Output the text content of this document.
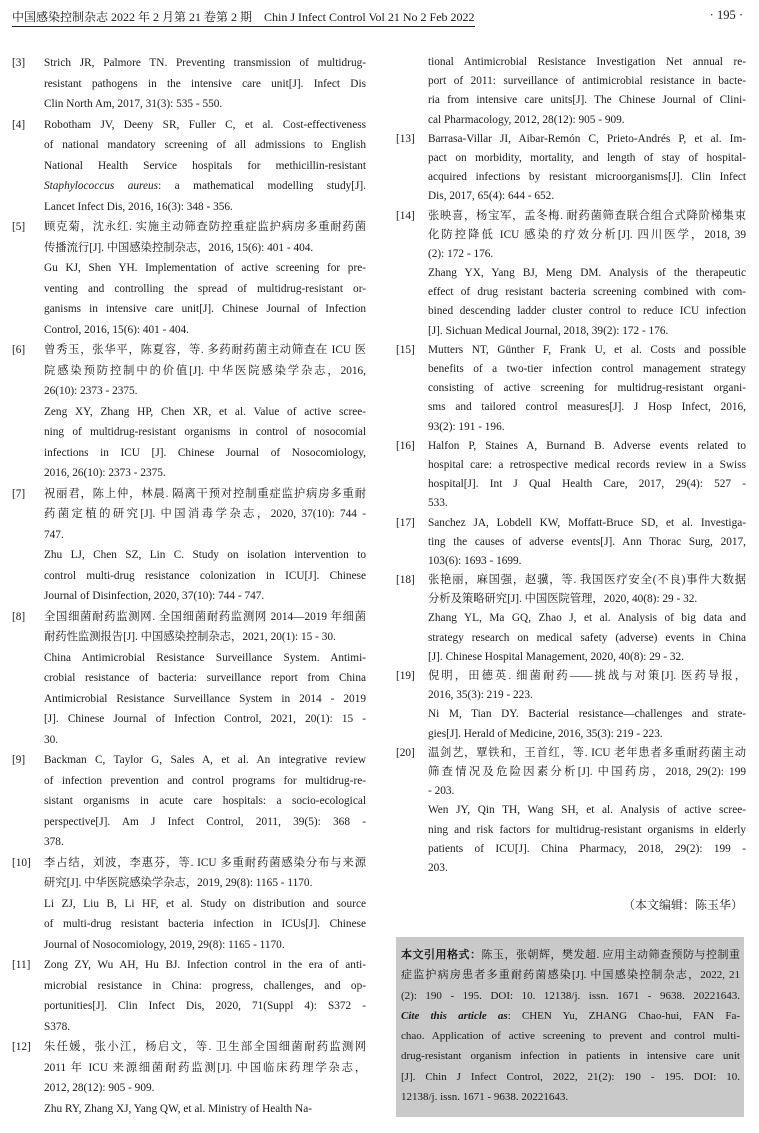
中国感染控制杂志 2022 年 2 月第 21 卷第 2 期　Chin J Infect Control Vol 21 No 2 Feb 2022	· 195 ·
[3] Strich JR, Palmore TN. Preventing transmission of multidrug-
resistant pathogens in the intensive care unit[J]. Infect Dis
Clin North Am, 2017, 31(3): 535 - 550.
[4] Robotham JV, Deeny SR, Fuller C, et al. Cost-effectiveness
of national mandatory screening of all admissions to English
National Health Service hospitals for methicillin-resistant
Staphylococcus aureus: a mathematical modelling study[J].
Lancet Infect Dis, 2016, 16(3): 348 - 356.
[5] 顾克菊，沈永红. 实施主动筛查防控重症监护病房多重耐药菌
传播流行[J]. 中国感染控制杂志，2016, 15(6): 401 - 404.
Gu KJ, Shen YH. Implementation of active screening for pre-
venting and controlling the spread of multidrug-resistant or-
ganisms in intensive care unit[J]. Chinese Journal of Infection
Control, 2016, 15(6): 401 - 404.
[6] 曾秀玉，张华平，陈夏容，等. 多药耐药菌主动筛查在 ICU 医
院感染预防控制中的价值[J]. 中华医院感染学杂志，2016,
26(10): 2373 - 2375.
Zeng XY, Zhang HP, Chen XR, et al. Value of active scree-
ning of multidrug-resistant organisms in control of nosocomial
infections in ICU [J]. Chinese Journal of Nosocomiology,
2016, 26(10): 2373 - 2375.
[7] 祝丽君，陈上仲，林晨. 隔离干预对控制重症监护病房多重耐
药菌定植的研究[J]. 中国消毒学杂志，2020, 37(10): 744 -
747.
Zhu LJ, Chen SZ, Lin C. Study on isolation intervention to
control multi-drug resistance colonization in ICU[J]. Chinese
Journal of Disinfection, 2020, 37(10): 744 - 747.
[8] 全国细菌耐药监测网. 全国细菌耐药监测网 2014—2019 年细菌
耐药性监测报告[J]. 中国感染控制杂志，2021, 20(1): 15 - 30.
China Antimicrobial Resistance Surveillance System. Antimi-
crobial resistance of bacteria: surveillance report from China
Antimicrobial Resistance Surveillance System in 2014 - 2019
[J]. Chinese Journal of Infection Control, 2021, 20(1): 15 -
30.
[9] Backman C, Taylor G, Sales A, et al. An integrative review
of infection prevention and control programs for multidrug-re-
sistant organisms in acute care hospitals: a socio-ecological
perspective[J]. Am J Infect Control, 2011, 39(5): 368 -
378.
[10] 李占结，刘波，李惠芬，等. ICU 多重耐药菌感染分布与来源
研究[J]. 中华医院感染学杂志，2019, 29(8): 1165 - 1170.
Li ZJ, Liu B, Li HF, et al. Study on distribution and source
of multi-drug resistant bacteria infection in ICUs[J]. Chinese
Journal of Nosocomiology, 2019, 29(8): 1165 - 1170.
[11] Zong ZY, Wu AH, Hu BJ. Infection control in the era of anti-
microbial resistance in China: progress, challenges, and op-
portunities[J]. Clin Infect Dis, 2020, 71(Suppl 4): S372 -
S378.
[12] 朱任媛，张小江，杨启文，等. 卫生部全国细菌耐药监测网
2011 年 ICU 来源细菌耐药监测[J]. 中国临床药理学杂志，
2012, 28(12): 905 - 909.
Zhu RY, Zhang XJ, Yang QW, et al. Ministry of Health Na-
tional Antimicrobial Resistance Investigation Net annual re-
port of 2011: surveillance of antimicrobial resistance in bacte-
ria from intensive care units[J]. The Chinese Journal of Clini-
cal Pharmacology, 2012, 28(12): 905 - 909.
[13] Barrasa-Villar JI, Aibar-Remón C, Prieto-Andrés P, et al. Im-
pact on morbidity, mortality, and length of stay of hospital-
acquired infections by resistant microorganisms[J]. Clin Infect
Dis, 2017, 65(4): 644 - 652.
[14] 张映喜，杨宝军，孟冬梅. 耐药菌筛查联合组合式降阶梯集束
化防控降低 ICU 感染的疗效分析[J]. 四川医学，2018, 39
(2): 172 - 176.
Zhang YX, Yang BJ, Meng DM. Analysis of the therapeutic
effect of drug resistant bacteria screening combined with com-
bined descending ladder cluster control to reduce ICU infection
[J]. Sichuan Medical Journal, 2018, 39(2): 172 - 176.
[15] Mutters NT, Günther F, Frank U, et al. Costs and possible
benefits of a two-tier infection control management strategy
consisting of active screening for multidrug-resistant organi-
sms and tailored control measures[J]. J Hosp Infect, 2016,
93(2): 191 - 196.
[16] Halfon P, Staines A, Burnand B. Adverse events related to
hospital care: a retrospective medical records review in a Swiss
hospital[J]. Int J Qual Health Care, 2017, 29(4): 527 -
533.
[17] Sanchez JA, Lobdell KW, Moffatt-Bruce SD, et al. Investiga-
ting the causes of adverse events[J]. Ann Thorac Surg, 2017,
103(6): 1693 - 1699.
[18] 张艳丽，麻国强，赵骥，等. 我国医疗安全(不良)事件大数据
分析及策略研究[J]. 中国医院管理，2020, 40(8): 29 - 32.
Zhang YL, Ma GQ, Zhao J, et al. Analysis of big data and
strategy research on medical safety (adverse) events in China
[J]. Chinese Hospital Management, 2020, 40(8): 29 - 32.
[19] 倪明，田德英. 细菌耐药——挑战与对策[J]. 医药导报，
2016, 35(3): 219 - 223.
Ni M, Tian DY. Bacterial resistance—challenges and strate-
gies[J]. Herald of Medicine, 2016, 35(3): 219 - 223.
[20] 温剑艺，覃铁和，王首红，等. ICU 老年患者多重耐药菌主动
筛查情况及危险因素分析[J]. 中国药房，2018, 29(2): 199
- 203.
Wen JY, Qin TH, Wang SH, et al. Analysis of active scree-
ning and risk factors for multidrug-resistant organisms in elderly
patients of ICU[J]. China Pharmacy, 2018, 29(2): 199 -
203.
（本文编辑：陈玉华）
本文引用格式：陈玉，张朝辉，樊发超. 应用主动筛查预防与控制重
症监护病房患者多重耐药菌感染[J]. 中国感染控制杂志，2022, 21
(2): 190 - 195. DOI: 10. 12138/j. issn. 1671 - 9638. 20221643.
Cite this article as: CHEN Yu, ZHANG Chao-hui, FAN Fa-
chao. Application of active screening to prevent and control multi-
drug-resistant organism infection in patients in intensive care unit
[J]. Chin J Infect Control, 2022, 21(2): 190 - 195. DOI: 10.
12138/j. issn. 1671 - 9638. 20221643.
